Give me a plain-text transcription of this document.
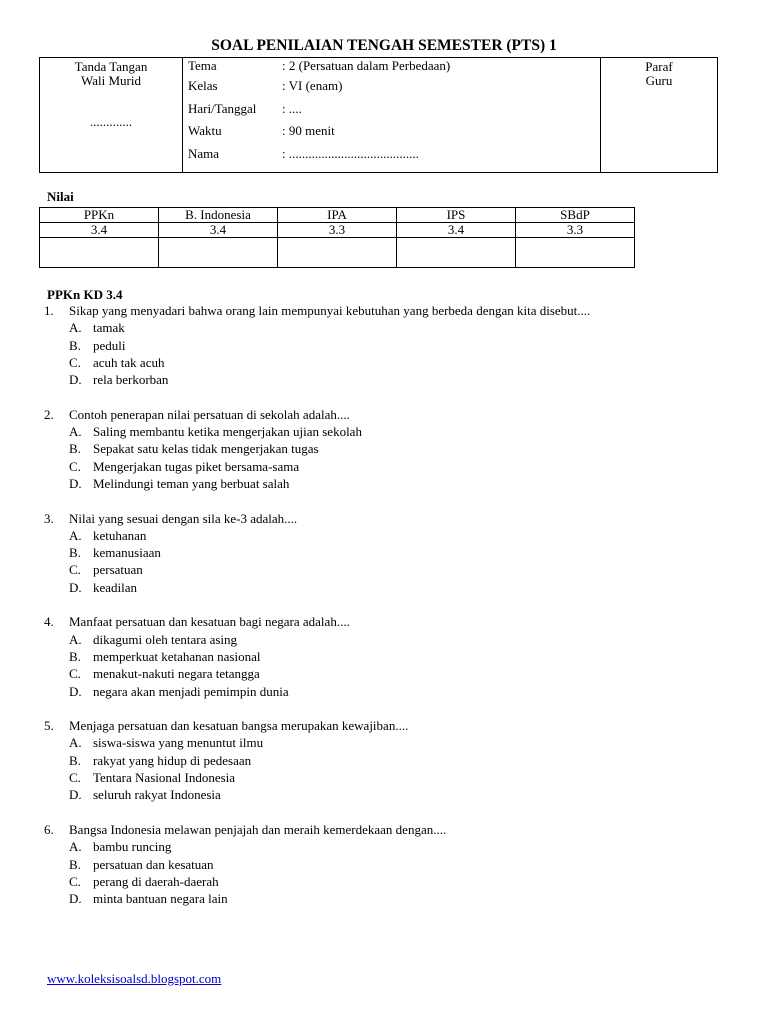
SOAL PENILAIAN TENGAH SEMESTER (PTS) 1
Tanda Tangan
Wali Murid
.............

Tema	: 2 (Persatuan dalam Perbedaan)
Kelas	: VI (enam)
Hari/Tanggal	: ....
Waktu	: 90 menit
Nama	: ........................................
	Paraf
Guru
Nilai
PPKn	B. Indonesia	IPA	IPS	SBdP
3.4	3.4	3.3	3.4	3.3

PPKn KD 3.4
1.	Sikap yang menyadari bahwa orang lain mempunyai kebutuhan yang berbeda dengan kita disebut....
A. tamak
B. peduli
C. acuh tak acuh
D. rela berkorban
2.	Contoh penerapan nilai persatuan di sekolah adalah....
A. Saling membantu ketika mengerjakan ujian sekolah
B. Sepakat satu kelas tidak mengerjakan tugas
C. Mengerjakan tugas piket bersama-sama
D. Melindungi teman yang berbuat salah
3.	Nilai yang sesuai dengan sila ke-3 adalah....
A. ketuhanan
B. kemanusiaan
C. persatuan
D. keadilan
4.	Manfaat persatuan dan kesatuan bagi negara adalah....
A. dikagumi oleh tentara asing
B. memperkuat ketahanan nasional
C. menakut-nakuti negara tetangga
D. negara akan menjadi pemimpin dunia
5.	Menjaga persatuan dan kesatuan bangsa merupakan kewajiban....
A. siswa-siswa yang menuntut ilmu
B. rakyat yang hidup di pedesaan
C. Tentara Nasional Indonesia
D. seluruh rakyat Indonesia
6.	Bangsa Indonesia melawan penjajah dan meraih kemerdekaan dengan....
A. bambu runcing
B. persatuan dan kesatuan
C. perang di daerah-daerah
D. minta bantuan negara lain
www.koleksisoalsd.blogspot.com
